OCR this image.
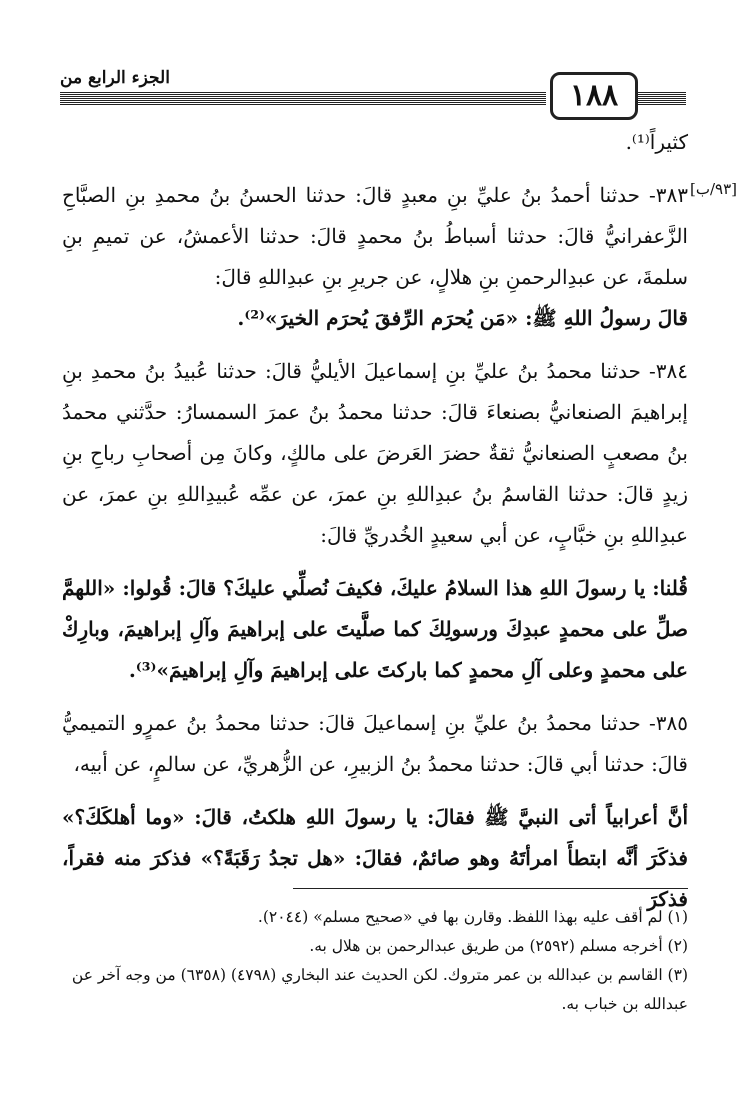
١٨٨
الجزء الرابع من
[٩٣/ب]

كثيراً⁽¹⁾.

٣٨٣- حدثنا أحمدُ بنُ عليِّ بنِ معبدٍ قالَ: حدثنا الحسنُ بنُ محمدِ بنِ الصبَّاحِ الزَّعفرانيُّ قالَ: حدثنا أسباطُ بنُ محمدٍ قالَ: حدثنا الأعمشُ، عن تميمِ بنِ سلمةَ، عن عبدِالرحمنِ بنِ هلالٍ، عن جريرِ بنِ عبدِاللهِ قالَ:

قالَ رسولُ اللهِ ﷺ: «مَن يُحرَم الرِّفقَ يُحرَم الخيرَ»⁽²⁾.

٣٨٤- حدثنا محمدُ بنُ عليِّ بنِ إسماعيلَ الأيليُّ قالَ: حدثنا عُبيدُ بنُ محمدِ بنِ إبراهيمَ الصنعانيُّ بصنعاءَ قالَ: حدثنا محمدُ بنُ عمرَ السمسارُ: حدَّثني محمدُ بنُ مصعبٍ الصنعانيُّ ثقةٌ حضرَ العَرضَ على مالكٍ، وكانَ مِن أصحابِ رباحِ بنِ زيدٍ قالَ: حدثنا القاسمُ بنُ عبدِاللهِ بنِ عمرَ، عن عمِّه عُبيدِاللهِ بنِ عمرَ، عن عبدِاللهِ بنِ خبَّابٍ، عن أبي سعيدٍ الخُدريِّ قالَ:

قُلنا: يا رسولَ اللهِ هذا السلامُ عليكَ، فكيفَ نُصلِّي عليكَ؟ قالَ: قُولوا: «اللهمَّ صلِّ على محمدٍ عبدِكَ ورسولِكَ كما صلَّيتَ على إبراهيمَ وآلِ إبراهيمَ، وبارِكْ على محمدٍ وعلى آلِ محمدٍ كما باركتَ على إبراهيمَ وآلِ إبراهيمَ»⁽³⁾.

٣٨٥- حدثنا محمدُ بنُ عليِّ بنِ إسماعيلَ قالَ: حدثنا محمدُ بنُ عمرٍو التميميُّ قالَ: حدثنا أبي قالَ: حدثنا محمدُ بنُ الزبيرِ، عن الزُّهريِّ، عن سالمٍ، عن أبيه،

أنَّ أعرابياً أتى النبيَّ ﷺ فقالَ: يا رسولَ اللهِ هلكتُ، قالَ: «وما أهلكَكَ؟» فذكَرَ أنَّه ابتطأَ امرأتَهُ وهو صائمٌ، فقالَ: «هل تجدُ رَقَبَةً؟» فذكرَ منه فقراً، فذكرَ

(١) لم أقف عليه بهذا اللفظ. وقارن بها في «صحيح مسلم» (٢٠٤٤).

(٢) أخرجه مسلم (٢٥٩٢) من طريق عبدالرحمن بن هلال به.

(٣) القاسم بن عبدالله بن عمر متروك. لكن الحديث عند البخاري (٤٧٩٨) (٦٣٥٨) من وجه آخر عن عبدالله بن خباب به.
